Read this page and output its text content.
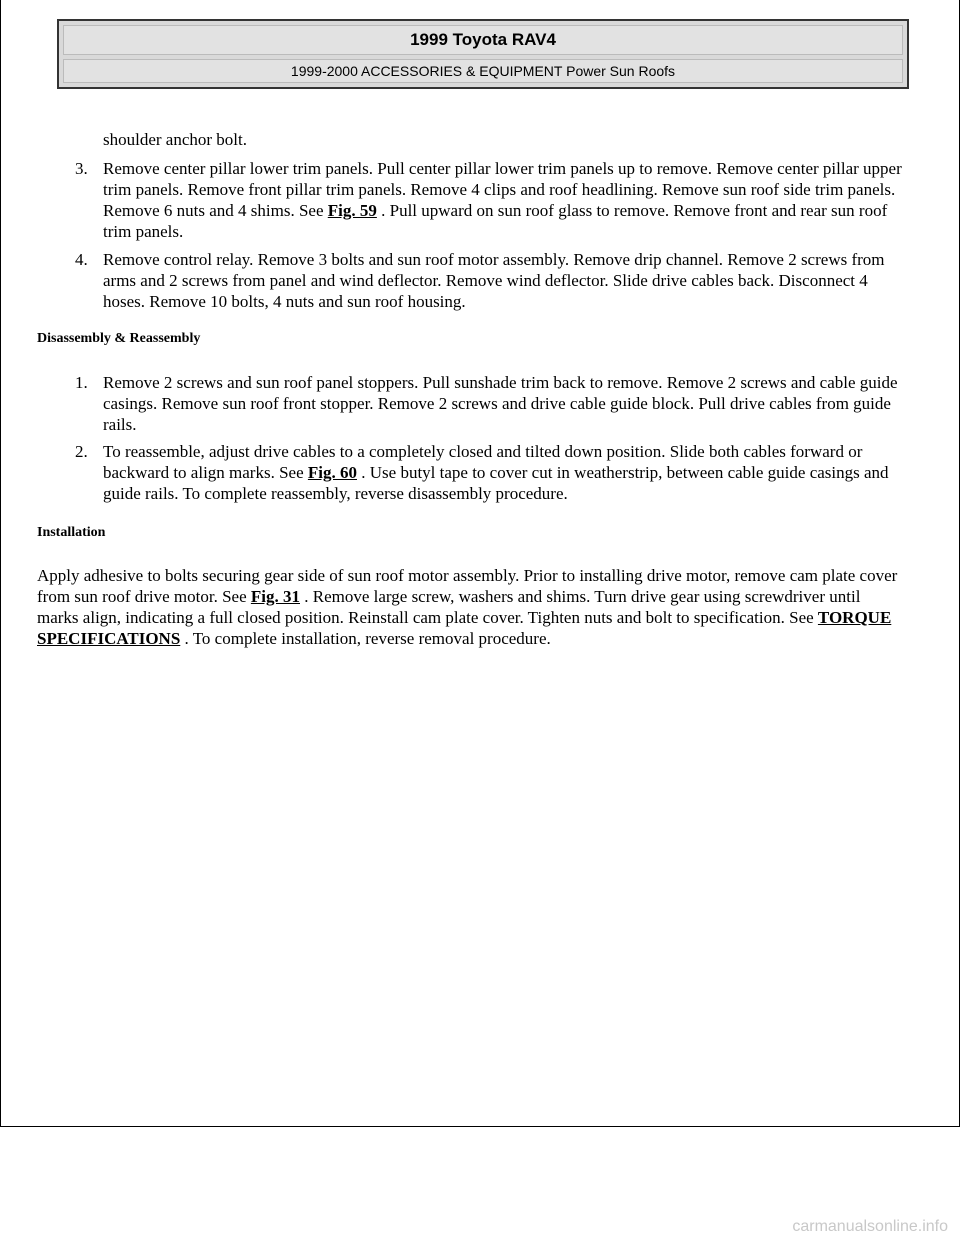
1999 Toyota RAV4
1999-2000 ACCESSORIES & EQUIPMENT Power Sun Roofs
shoulder anchor bolt.
3. Remove center pillar lower trim panels. Pull center pillar lower trim panels up to remove. Remove center pillar upper trim panels. Remove front pillar trim panels. Remove 4 clips and roof headlining. Remove sun roof side trim panels. Remove 6 nuts and 4 shims. See Fig. 59 . Pull upward on sun roof glass to remove. Remove front and rear sun roof trim panels.
4. Remove control relay. Remove 3 bolts and sun roof motor assembly. Remove drip channel. Remove 2 screws from arms and 2 screws from panel and wind deflector. Remove wind deflector. Slide drive cables back. Disconnect 4 hoses. Remove 10 bolts, 4 nuts and sun roof housing.
Disassembly & Reassembly
1. Remove 2 screws and sun roof panel stoppers. Pull sunshade trim back to remove. Remove 2 screws and cable guide casings. Remove sun roof front stopper. Remove 2 screws and drive cable guide block. Pull drive cables from guide rails.
2. To reassemble, adjust drive cables to a completely closed and tilted down position. Slide both cables forward or backward to align marks. See Fig. 60 . Use butyl tape to cover cut in weatherstrip, between cable guide casings and guide rails. To complete reassembly, reverse disassembly procedure.
Installation
Apply adhesive to bolts securing gear side of sun roof motor assembly. Prior to installing drive motor, remove cam plate cover from sun roof drive motor. See Fig. 31 . Remove large screw, washers and shims. Turn drive gear using screwdriver until marks align, indicating a full closed position. Reinstall cam plate cover. Tighten nuts and bolt to specification. See TORQUE SPECIFICATIONS . To complete installation, reverse removal procedure.
carmanualsonline.info
